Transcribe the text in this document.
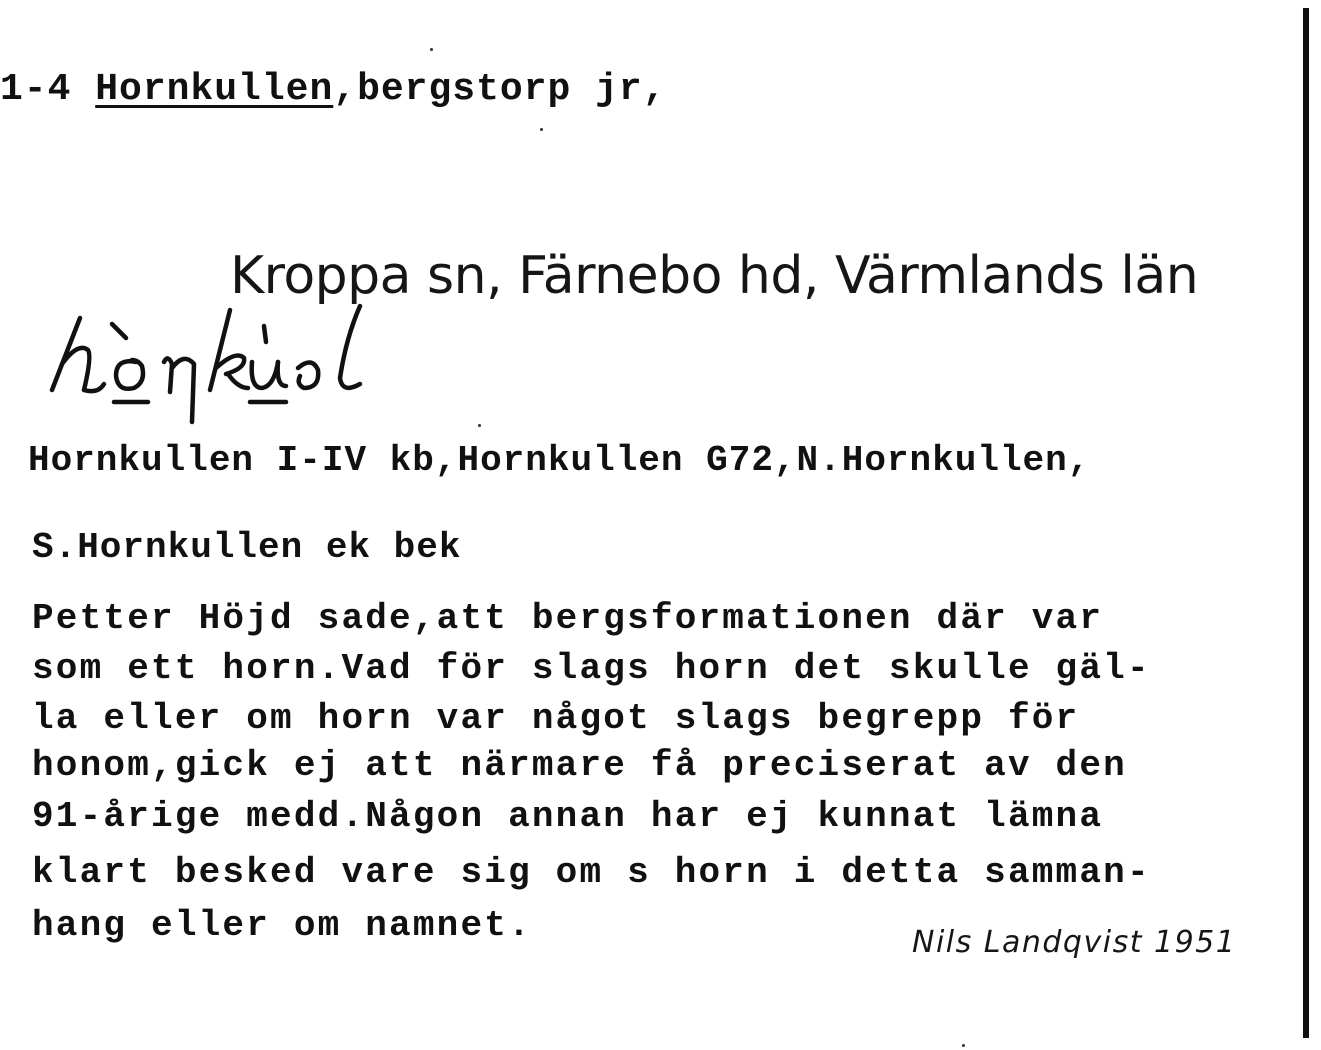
1-4 Hornkullen,bergstorp jr,
Kroppa sn, Färnebo hd, Värmlands län
Hornkullen I-IV kb,Hornkullen G72,N.Hornkullen,
S.Hornkullen ek bek
Petter Höjd sade,att bergsformationen där var
som ett horn.Vad för slags horn det skulle gäl-
la eller om horn var något slags begrepp för
honom,gick ej att närmare få preciserat av den
91-årige medd.Någon annan har ej kunnat lämna
klart besked vare sig om s horn i detta samman-
hang eller om namnet.	Nils Landqvist 1951
